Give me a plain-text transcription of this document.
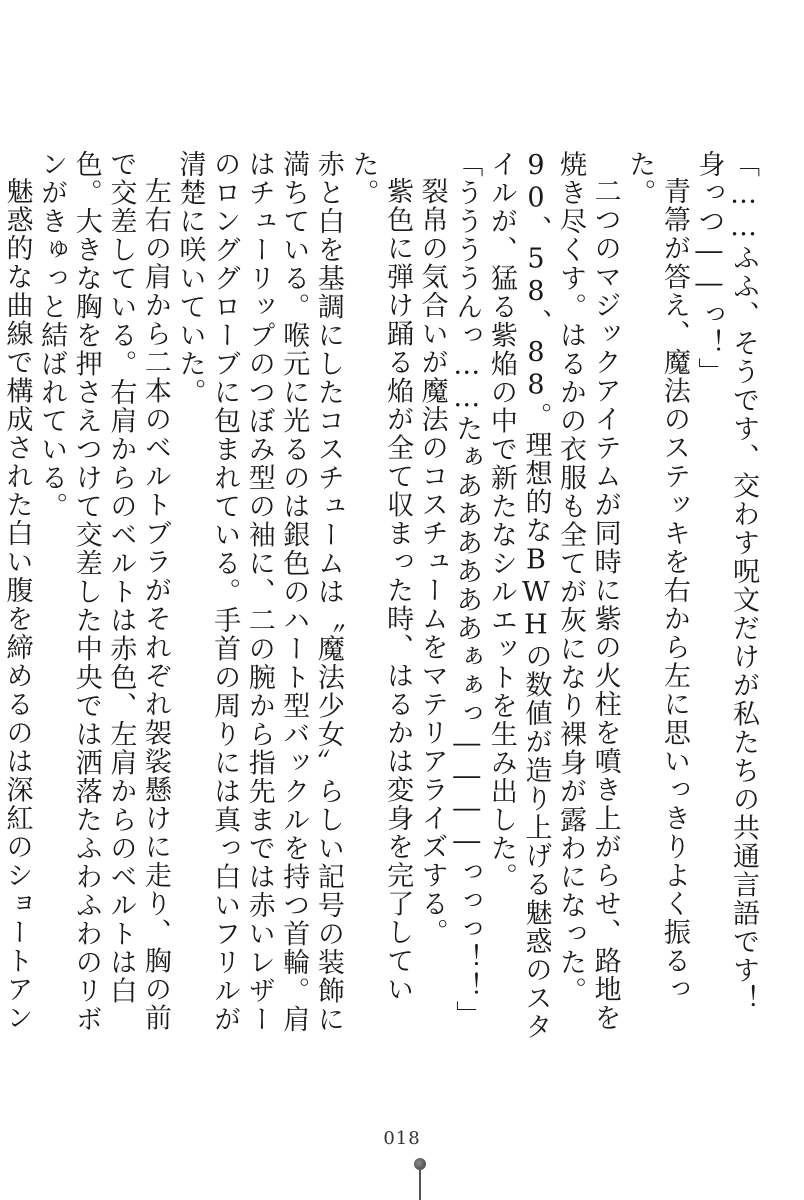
「……ふふ、そうです、交わす呪文だけが私たちの共通言語です！　身っつ――っ！」

青箒が答え、魔法のステッキを右から左に思いっきりよく振るった。

二つのマジックアイテムが同時に紫の火柱を噴き上がらせ、路地を焼き尽くす。はるかの衣服も全てが灰になり裸身が露わになった。90、58、88。理想的なBWHの数値が造り上げる魅惑のスタイルが、猛る紫焔の中で新たなシルエットを生み出した。

「ううううんっ……たぁああああああぁぁっ――――っっっ！！」

裂帛の気合いが魔法のコスチュームをマテリアライズする。

紫色に弾け踊る焔が全て収まった時、はるかは変身を完了していた。

赤と白を基調にしたコスチュームは〝魔法少女〟らしい記号の装飾に満ちている。喉元に光るのは銀色のハート型バックルを持つ首輪。肩はチューリップのつぼみ型の袖に、二の腕から指先までは赤いレザーのロンググローブに包まれている。手首の周りには真っ白いフリルが清楚に咲いていた。

左右の肩から二本のベルトブラがそれぞれ袈裟懸けに走り、胸の前で交差している。右肩からのベルトは赤色、左肩からのベルトは白色。大きな胸を押さえつけて交差した中央では洒落たふわふわのリボンがきゅっと結ばれている。

魅惑的な曲線で構成された白い腹を締めるのは深紅のショートアン

018
